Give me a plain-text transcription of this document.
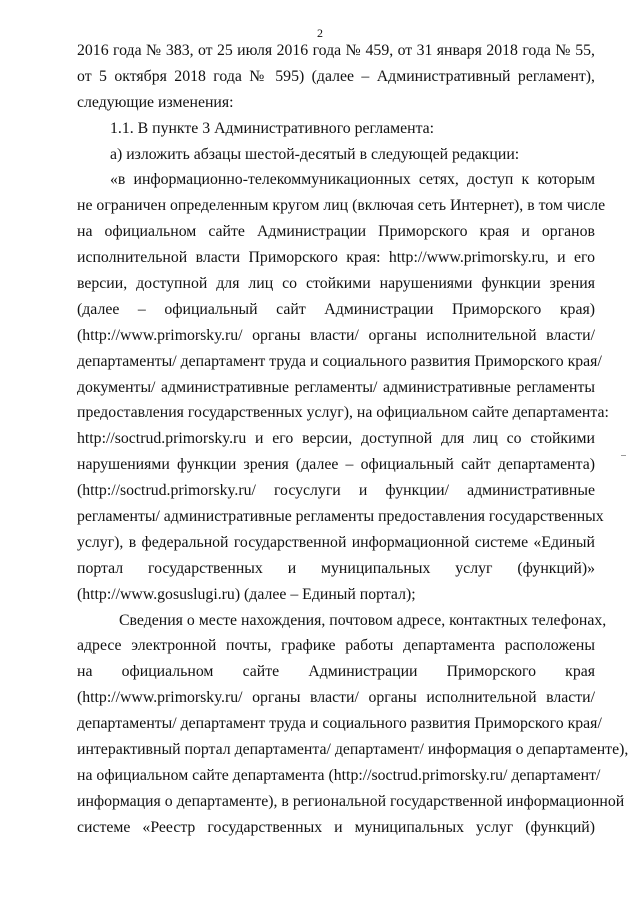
2
2016 года № 383, от 25 июля 2016 года № 459, от 31 января 2018 года № 55,
от 5 октября 2018 года № 595) (далее – Административный регламент),
следующие изменения:
1.1. В пункте 3 Административного регламента:
а) изложить абзацы шестой-десятый в следующей редакции:
«в информационно-телекоммуникационных сетях, доступ к которым
не ограничен определенным кругом лиц (включая сеть Интернет), в том числе
на официальном сайте Администрации Приморского края и органов
исполнительной власти Приморского края: http://www.primorsky.ru, и его
версии, доступной для лиц со стойкими нарушениями функции зрения
(далее – официальный сайт Администрации Приморского края)
(http://www.primorsky.ru/ органы власти/ органы исполнительной власти/
департаменты/ департамент труда и социального развития Приморского края/
документы/ административные регламенты/ административные регламенты
предоставления государственных услуг), на официальном сайте департамента:
http://soctrud.primorsky.ru и его версии, доступной для лиц со стойкими
нарушениями функции зрения (далее – официальный сайт департамента)
(http://soctrud.primorsky.ru/ госуслуги и функции/ административные
регламенты/ административные регламенты предоставления государственных
услуг), в федеральной государственной информационной системе «Единый
портал государственных и муниципальных услуг (функций)»
(http://www.gosuslugi.ru) (далее – Единый портал);
Сведения о месте нахождения, почтовом адресе, контактных телефонах,
адресе электронной почты, графике работы департамента расположены
на официальном сайте Администрации Приморского края
(http://www.primorsky.ru/ органы власти/ органы исполнительной власти/
департаменты/ департамент труда и социального развития Приморского края/
интерактивный портал департамента/ департамент/ информация о департаменте),
на официальном сайте департамента (http://soctrud.primorsky.ru/ департамент/
информация о департаменте), в региональной государственной информационной
системе «Реестр государственных и муниципальных услуг (функций)
